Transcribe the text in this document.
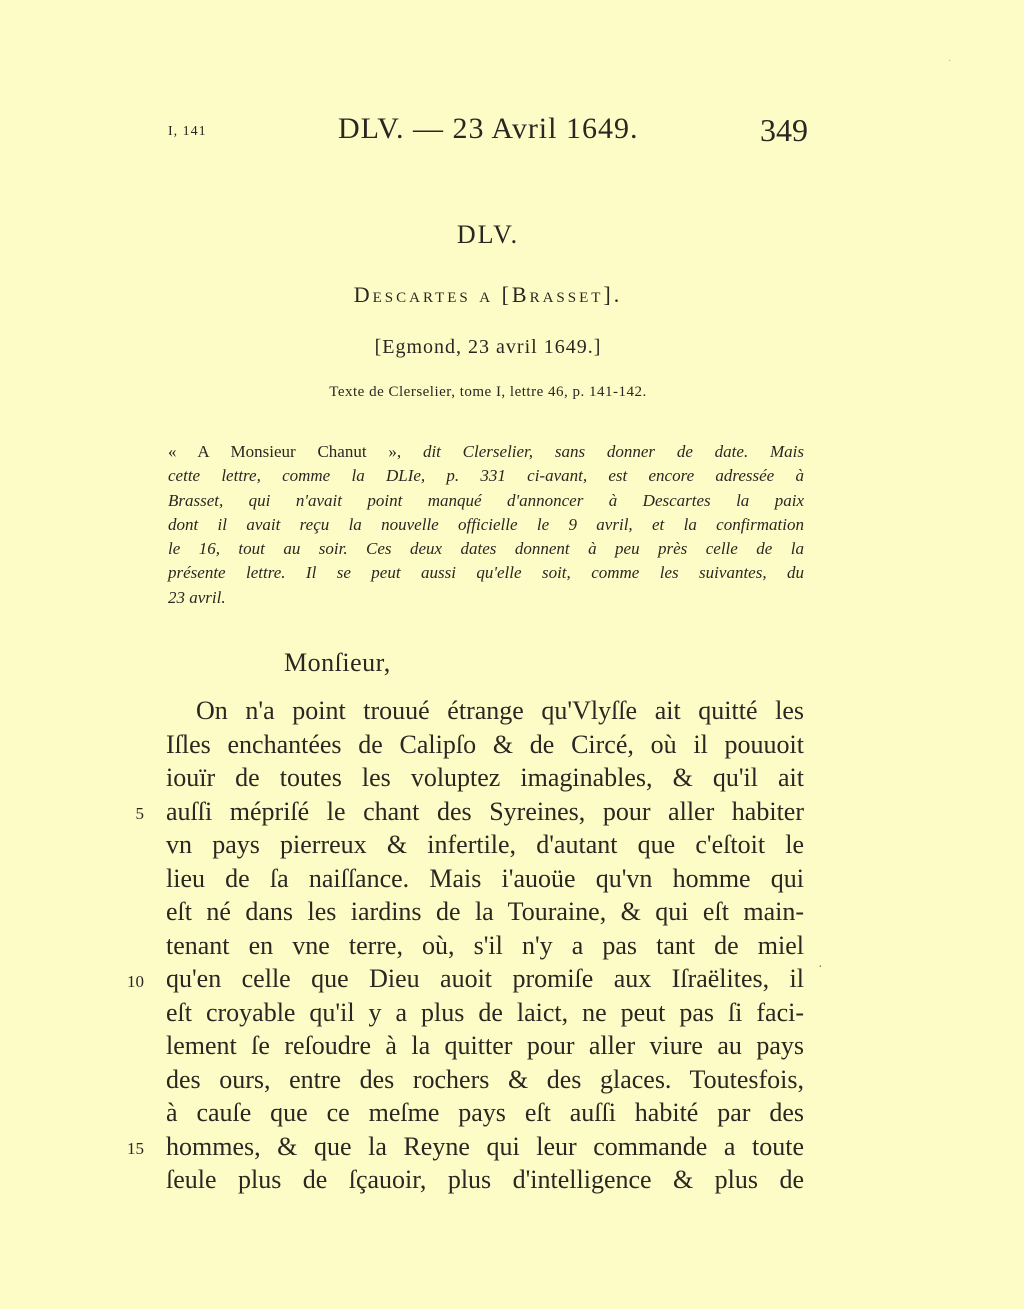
I, 141	DLV. — 23 Avril 1649.	349
·
DLV.
Descartes a [Brasset].
[Egmond, 23 avril 1649.]
Texte de Clerselier, tome I, lettre 46, p. 141-142.
« A Monsieur Chanut », dit Clerselier, sans donner de date. Mais
cette lettre, comme la DLIe, p. 331 ci-avant, est encore adressée à
Brasset, qui n'avait point manqué d'annoncer à Descartes la paix
dont il avait reçu la nouvelle officielle le 9 avril, et la confirmation
le 16, tout au soir. Ces deux dates donnent à peu près celle de la
présente lettre. Il se peut aussi qu'elle soit, comme les suivantes, du
23 avril.
Monſieur,
On n'a point trouué étrange qu'Vlyſſe ait quitté les
Iſles enchantées de Calipſo & de Circé, où il pouuoit
iouïr de toutes les voluptez imaginables, & qu'il ait
auſſi mépriſé le chant des Syreines, pour aller habiter
vn pays pierreux & infertile, d'autant que c'eſtoit le
lieu de ſa naiſſance. Mais i'auoüe qu'vn homme qui
eſt né dans les iardins de la Touraine, & qui eſt main-
tenant en vne terre, où, s'il n'y a pas tant de miel
qu'en celle que Dieu auoit promiſe aux Iſraëlites, il
eſt croyable qu'il y a plus de laict, ne peut pas ſi faci-
lement ſe reſoudre à la quitter pour aller viure au pays
des ours, entre des rochers & des glaces. Toutesfois,
à cauſe que ce meſme pays eſt auſſi habité par des
hommes, & que la Reyne qui leur commande a toute
ſeule plus de ſçauoir, plus d'intelligence & plus de
5
10
15
·
